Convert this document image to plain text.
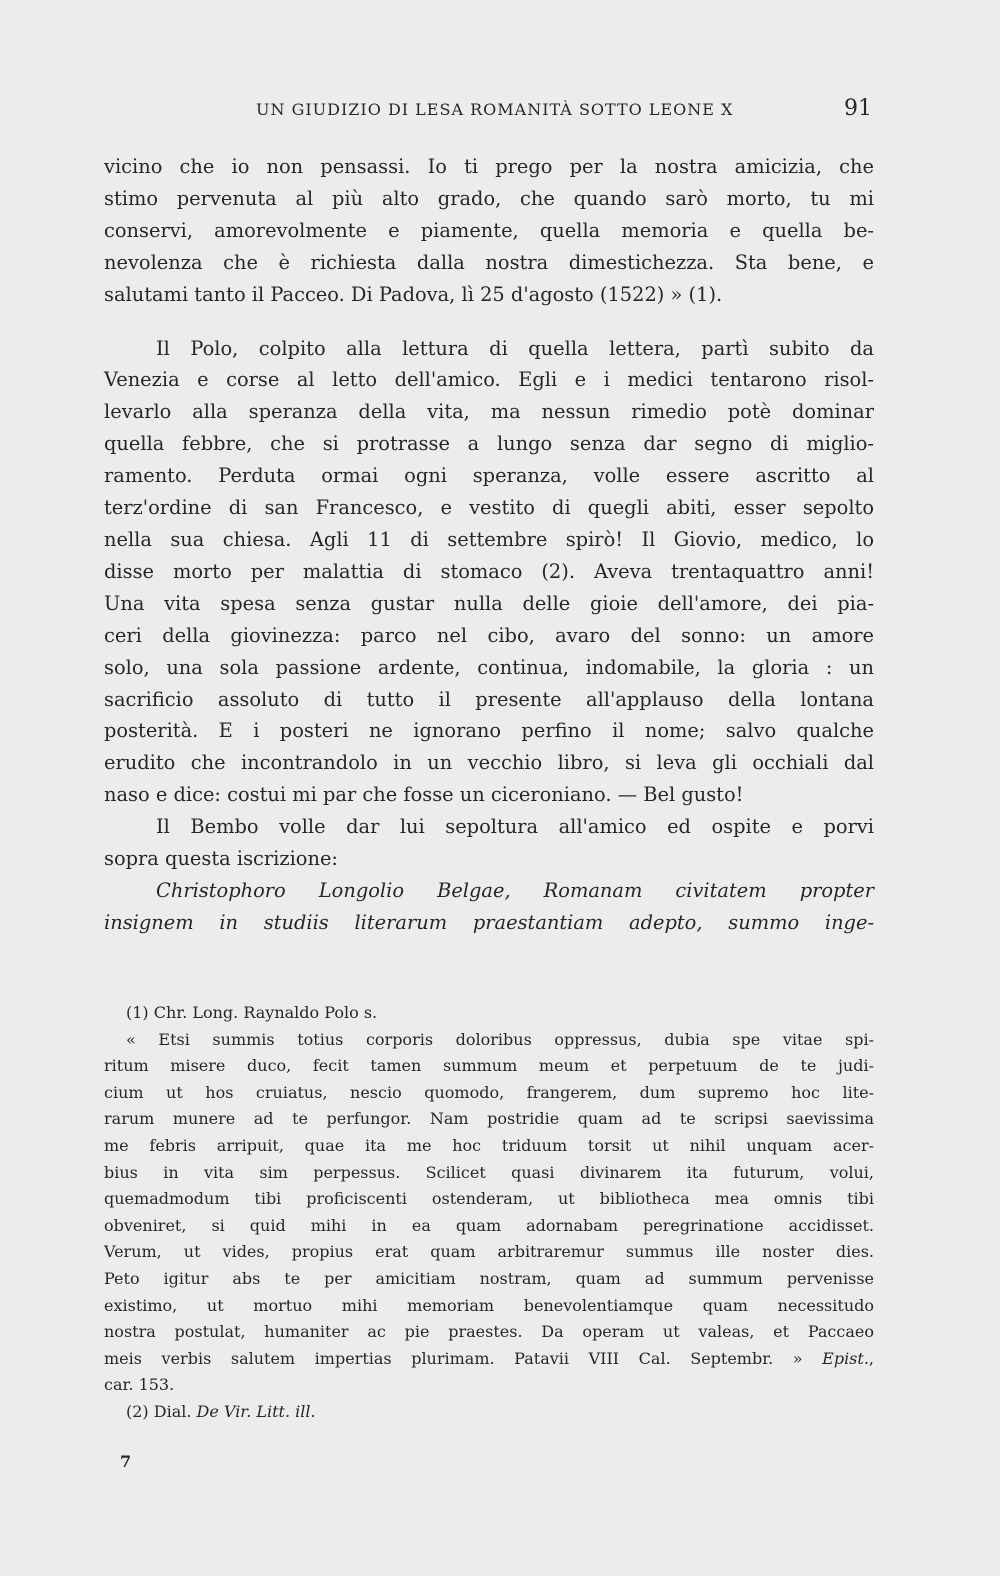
UN GIUDIZIO DI LESA ROMANITÀ SOTTO LEONE X	91

vicino che io non pensassi. Io ti prego per la nostra amicizia, che

stimo pervenuta al più alto grado, che quando sarò morto, tu mi

conservi, amorevolmente e piamente, quella memoria e quella be-

nevolenza che è richiesta dalla nostra dimestichezza. Sta bene, e

salutami tanto il Pacceo. Di Padova, lì 25 d'agosto (1522) » (1).

Il Polo, colpito alla lettura di quella lettera, partì subito da

Venezia e corse al letto dell'amico. Egli e i medici tentarono risol-

levarlo alla speranza della vita, ma nessun rimedio potè dominar

quella febbre, che si protrasse a lungo senza dar segno di miglio-

ramento. Perduta ormai ogni speranza, volle essere ascritto al

terz'ordine di san Francesco, e vestito di quegli abiti, esser sepolto

nella sua chiesa. Agli 11 di settembre spirò! Il Giovio, medico, lo

disse morto per malattia di stomaco (2). Aveva trentaquattro anni!

Una vita spesa senza gustar nulla delle gioie dell'amore, dei pia-

ceri della giovinezza: parco nel cibo, avaro del sonno: un amore

solo, una sola passione ardente, continua, indomabile, la gloria : un

sacrificio assoluto di tutto il presente all'applauso della lontana

posterità. E i posteri ne ignorano perfino il nome; salvo qualche

erudito che incontrandolo in un vecchio libro, si leva gli occhiali dal

naso e dice: costui mi par che fosse un ciceroniano. — Bel gusto!

Il Bembo volle dar lui sepoltura all'amico ed ospite e porvi

sopra questa iscrizione:

Christophoro Longolio Belgae, Romanam civitatem propter

insignem in studiis literarum praestantiam adepto, summo inge-

(1) Chr. Long. Raynaldo Polo s.

« Etsi summis totius corporis doloribus oppressus, dubia spe vitae spi-

ritum misere duco, fecit tamen summum meum et perpetuum de te judi-

cium ut hos cruiatus, nescio quomodo, frangerem, dum supremo hoc lite-

rarum munere ad te perfungor. Nam postridie quam ad te scripsi saevissima

me febris arripuit, quae ita me hoc triduum torsit ut nihil unquam acer-

bius in vita sim perpessus. Scilicet quasi divinarem ita futurum, volui,

quemadmodum tibi proficiscenti ostenderam, ut bibliotheca mea omnis tibi

obveniret, si quid mihi in ea quam adornabam peregrinatione accidisset.

Verum, ut vides, propius erat quam arbitraremur summus ille noster dies.

Peto igitur abs te per amicitiam nostram, quam ad summum pervenisse

existimo, ut mortuo mihi memoriam benevolentiamque quam necessitudo

nostra postulat, humaniter ac pie praestes. Da operam ut valeas, et Paccaeo

meis verbis salutem impertias plurimam. Patavii VIII Cal. Septembr. » Epist.,

car. 153.

(2) Dial. De Vir. Litt. ill.

7
